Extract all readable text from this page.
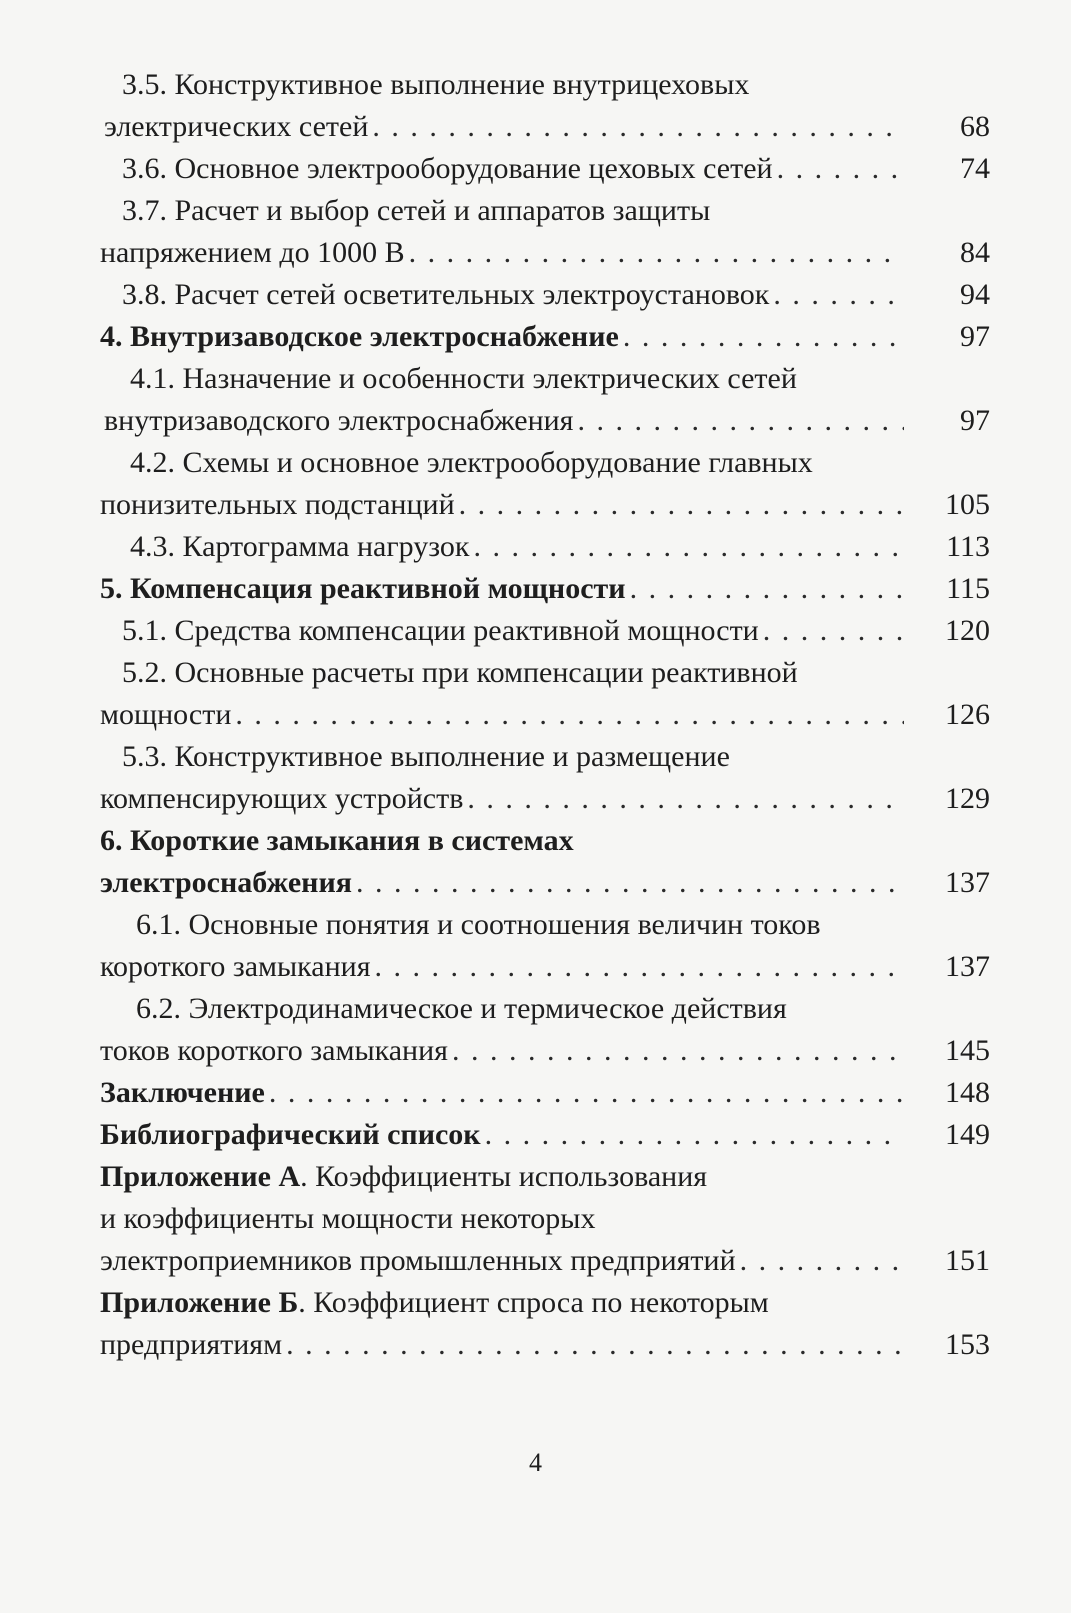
3.5. Конструктивное выполнение внутрицеховых
электрических сетей . . .	68
3.6. Основное электрооборудование цеховых сетей . . .	74
3.7. Расчет и выбор сетей и аппаратов защиты
напряжением до 1000 В . . .	84
3.8. Расчет сетей осветительных электроустановок . . .	94
4. Внутризаводское электроснабжение . . .	97
4.1. Назначение и особенности электрических сетей
внутризаводского электроснабжения . . .	97
4.2. Схемы и основное электрооборудование главных
понизительных подстанций . . .	105
4.3. Картограмма нагрузок . . .	113
5. Компенсация реактивной мощности . . .	115
5.1. Средства компенсации реактивной мощности . . .	120
5.2. Основные расчеты при компенсации реактивной
мощности . . .	126
5.3. Конструктивное выполнение и размещение
компенсирующих устройств . . .	129
6. Короткие замыкания в системах
электроснабжения . . .	137
6.1. Основные понятия и соотношения величин токов
короткого замыкания . . .	137
6.2. Электродинамическое и термическое действия
токов короткого замыкания . . .	145
Заключение . . .	148
Библиографический список . . .	149
Приложение А. Коэффициенты использования
и коэффициенты мощности некоторых
электроприемников промышленных предприятий . . .	151
Приложение Б. Коэффициент спроса по некоторым
предприятиям . . .	153
4
